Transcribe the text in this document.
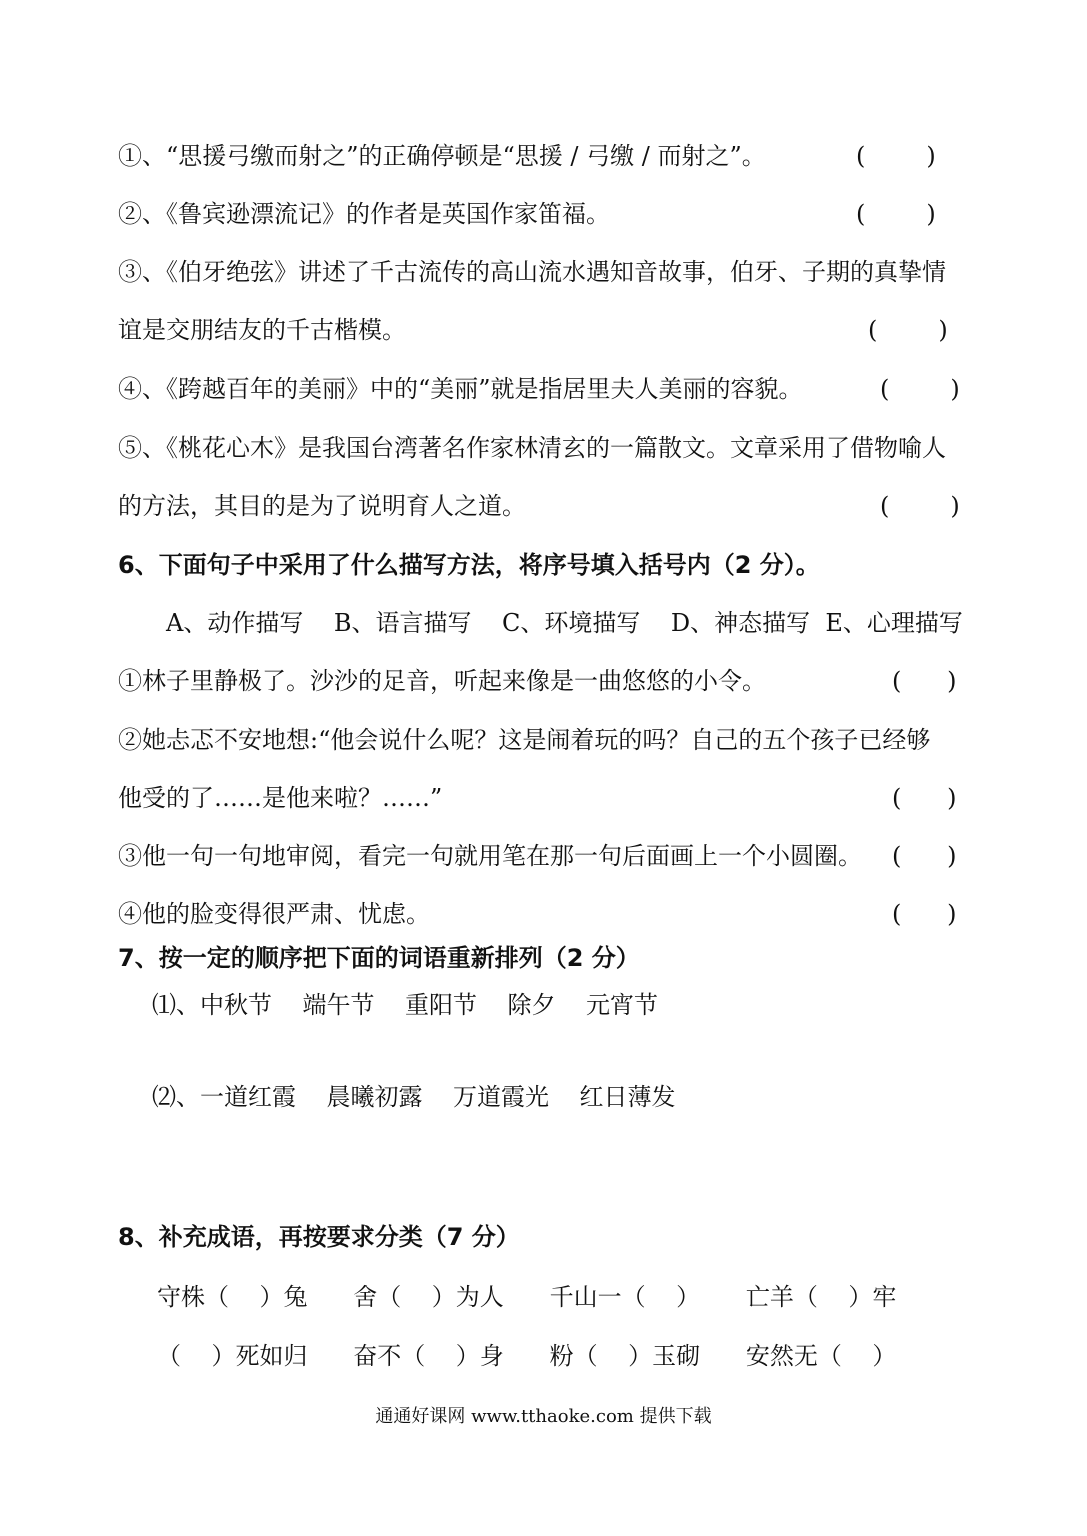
①、“思援弓缴而射之”的正确停顿是“思援 / 弓缴 / 而射之”。	(        )
②、《鲁宾逊漂流记》的作者是英国作家笛福。	(        )
③、《伯牙绝弦》讲述了千古流传的高山流水遇知音故事，伯牙、子期的真挚情
谊是交朋结友的千古楷模。	(        )
④、《跨越百年的美丽》中的“美丽”就是指居里夫人美丽的容貌。	(        )
⑤、《桃花心木》是我国台湾著名作家林清玄的一篇散文。文章采用了借物喻人
的方法，其目的是为了说明育人之道。	(        )
6、下面句子中采用了什么描写方法，将序号填入括号内（2 分）。
A、动作描写    B、语言描写    C、环境描写    D、神态描写  E、心理描写
①林子里静极了。沙沙的足音，听起来像是一曲悠悠的小令。	(      )
②她忐忑不安地想:“他会说什么呢？这是闹着玩的吗？自己的五个孩子已经够
他受的了……是他来啦？……”	(      )
③他一句一句地审阅，看完一句就用笔在那一句后面画上一个小圆圈。 (      )
④他的脸变得很严肃、忧虑。	(      )
7、按一定的顺序把下面的词语重新排列（2 分）
⑴、中秋节    端午节    重阳节    除夕    元宵节
⑵、一道红霞    晨曦初露    万道霞光    红日薄发
8、补充成语，再按要求分类（7 分）
守株（    ）兔      舍（    ）为人      千山一（    ）      亡羊（    ）牢
（    ）死如归      奋不（    ）身      粉（    ）玉砌      安然无（    ）
通通好课网 www.tthaoke.com 提供下载
